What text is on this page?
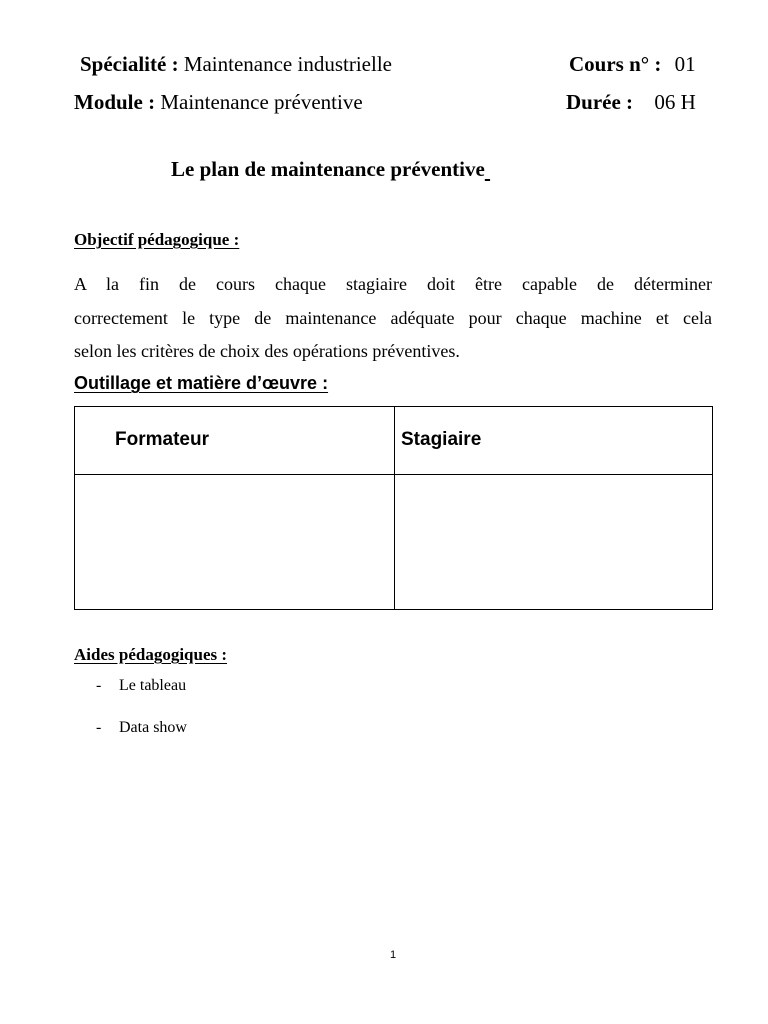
Spécialité : Maintenance industrielle	Cours n° : 01
Module : Maintenance préventive	Durée : 06 H
Le plan de maintenance préventive
Objectif pédagogique :
A la fin de cours chaque stagiaire doit être capable de déterminer
correctement le type de maintenance adéquate pour chaque machine et cela
selon les critères de choix des opérations préventives.
Outillage et matière d’œuvre :
Formateur	Stagiaire
Aides pédagogiques :
- Le tableau
- Data show
1
